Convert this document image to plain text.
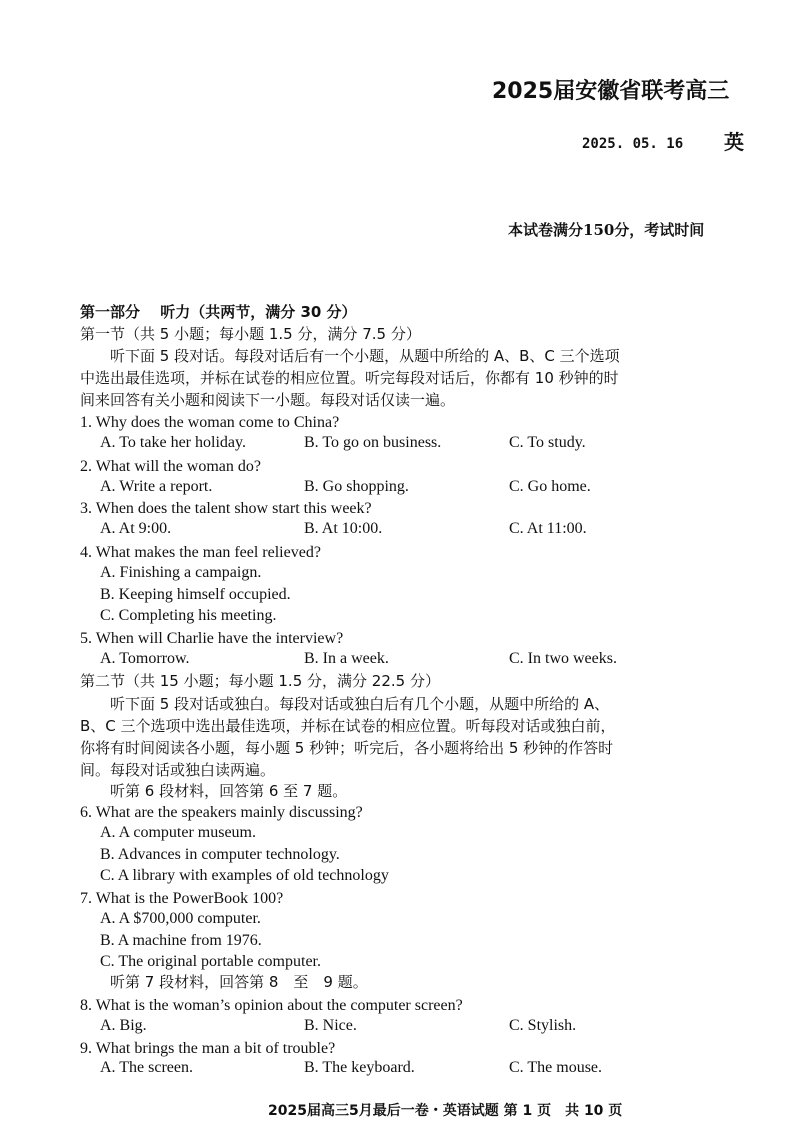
2025届安徽省联考高三
2025. 05. 16 英
本试卷满分150分，考试时间
第一部分　 听力（共两节，满分 30 分）
第一节（共 5 小题；每小题 1.5 分，满分 7.5 分）
　　听下面 5 段对话。每段对话后有一个小题，从题中所给的 A、B、C 三个选项
中选出最佳选项，并标在试卷的相应位置。听完每段对话后，你都有 10 秒钟的时
间来回答有关小题和阅读下一小题。每段对话仅读一遍。
1. Why does the woman come to China?
A. To take her holiday.	B. To go on business.	C. To study.
2. What will the woman do?
A. Write a report.	B. Go shopping.	C. Go home.
3. When does the talent show start this week?
A. At 9:00.	B. At 10:00.	C. At 11:00.
4. What makes the man feel relieved?
A. Finishing a campaign.
B. Keeping himself occupied.
C. Completing his meeting.
5. When will Charlie have the interview?
A. Tomorrow.	B. In a week.	C. In two weeks.
第二节（共 15 小题；每小题 1.5 分，满分 22.5 分）
　　听下面 5 段对话或独白。每段对话或独白后有几个小题，从题中所给的 A、
B、C 三个选项中选出最佳选项，并标在试卷的相应位置。听每段对话或独白前，
你将有时间阅读各小题，每小题 5 秒钟；听完后，各小题将给出 5 秒钟的作答时
间。每段对话或独白读两遍。
　　听第 6 段材料，回答第 6 至 7 题。
6. What are the speakers mainly discussing?
A. A computer museum.
B. Advances in computer technology.
C. A library with examples of old technology
7. What is the PowerBook 100?
A. A $700,000 computer.
B. A machine from 1976.
C. The original portable computer.
　　听第 7 段材料，回答第 8　至　9 题。
8. What is the woman’s opinion about the computer screen?
A. Big.	B. Nice.	C. Stylish.
9. What brings the man a bit of trouble?
A. The screen.	B. The keyboard.	C. The mouse.
2025届高三5月最后一卷・英语试题 第 1 页　共 10 页
